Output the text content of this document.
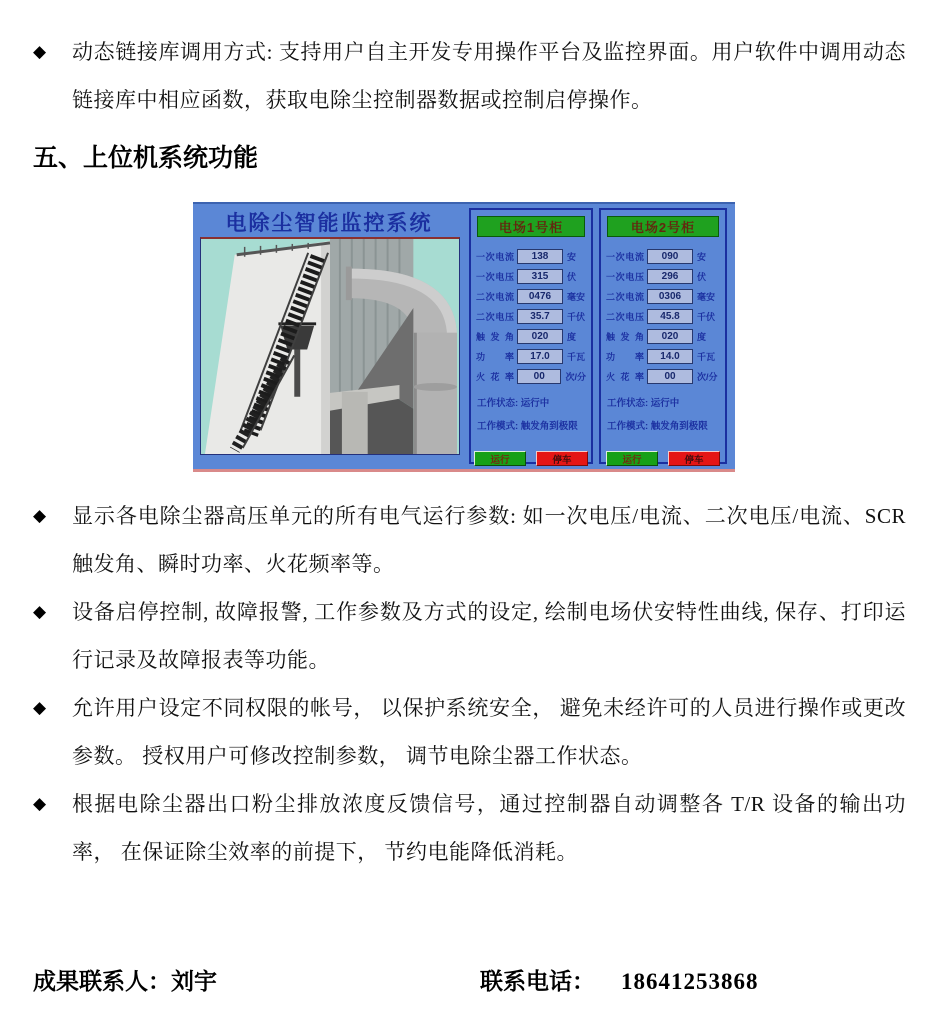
◆	动态链接库调用方式: 支持用户自主开发专用操作平台及监控界面。用户软件中调用动态链接库中相应函数，获取电除尘控制器数据或控制启停操作。
五、上位机系统功能
电除尘智能监控系统	电场1号柜
一次电流	138	安
一次电压	315	伏
二次电流	0476	毫安
二次电压	35.7	千伏
触发角	020	度
功率	17.0	千瓦
火花率	00	次/分
工作状态: 运行中
工作模式: 触发角到极限
运行	停车
电场2号柜
一次电流	090	安
一次电压	296	伏
二次电流	0306	毫安
二次电压	45.8	千伏
触发角	020	度
功率	14.0	千瓦
火花率	00	次/分
工作状态: 运行中
工作模式: 触发角到极限
运行	停车
◆	显示各电除尘器高压单元的所有电气运行参数: 如一次电压/电流、二次电压/电流、SCR 触发角、瞬时功率、火花频率等。
◆	设备启停控制, 故障报警, 工作参数及方式的设定, 绘制电场伏安特性曲线, 保存、打印运行记录及故障报表等功能。
◆	允许用户设定不同权限的帐号， 以保护系统安全， 避免未经许可的人员进行操作或更改参数。 授权用户可修改控制参数， 调节电除尘器工作状态。
◆	根据电除尘器出口粉尘排放浓度反馈信号，通过控制器自动调整各 T/R 设备的输出功率， 在保证除尘效率的前提下， 节约电能降低消耗。
成果联系人：刘宇	联系电话： 18641253868
